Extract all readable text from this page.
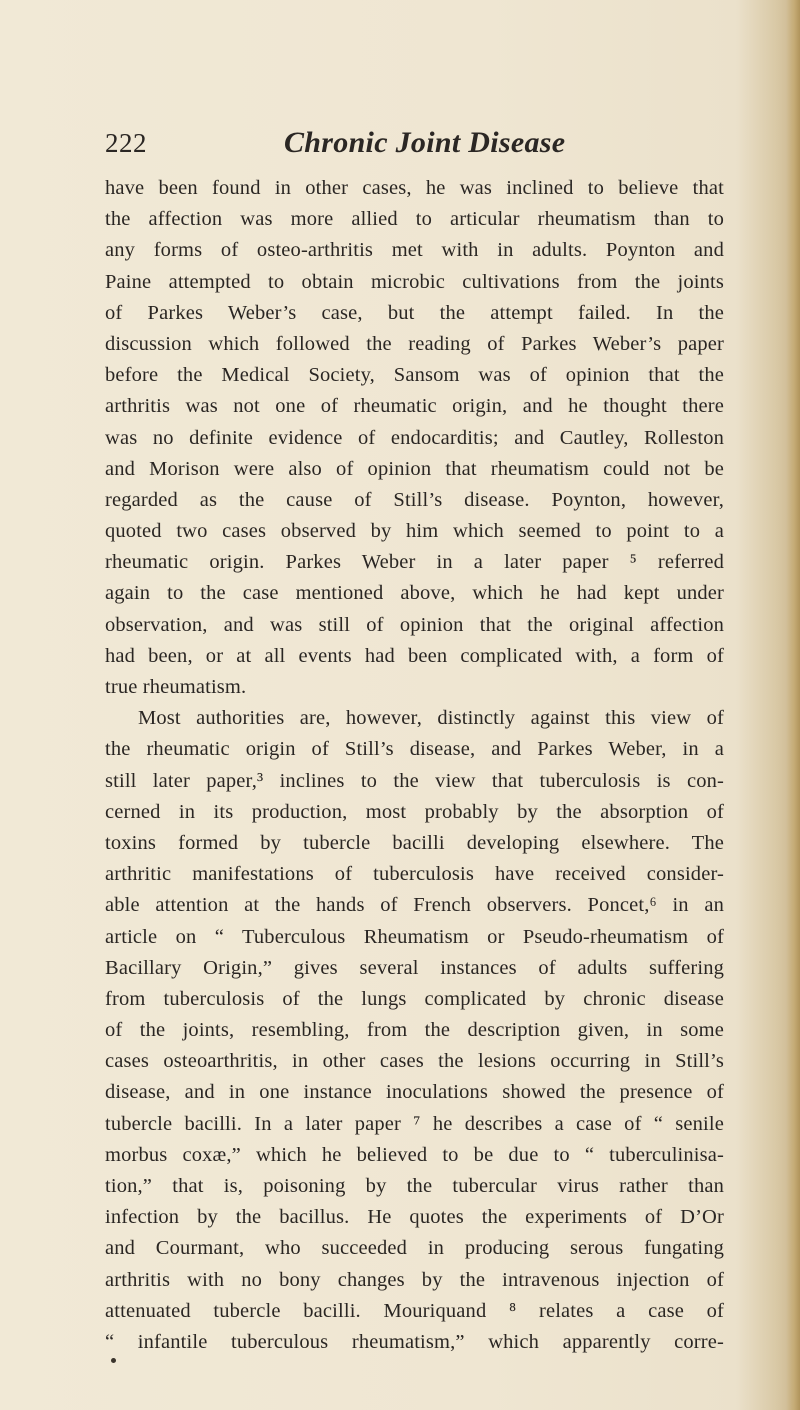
222	Chronic Joint Disease
have been found in other cases, he was inclined to believe that
the affection was more allied to articular rheumatism than to
any forms of osteo-arthritis met with in adults. Poynton and
Paine attempted to obtain microbic cultivations from the joints
of Parkes Weber’s case, but the attempt failed. In the
discussion which followed the reading of Parkes Weber’s paper
before the Medical Society, Sansom was of opinion that the
arthritis was not one of rheumatic origin, and he thought there
was no definite evidence of endocarditis; and Cautley, Rolleston
and Morison were also of opinion that rheumatism could not be
regarded as the cause of Still’s disease. Poynton, however,
quoted two cases observed by him which seemed to point to a
rheumatic origin. Parkes Weber in a later paper ⁵ referred
again to the case mentioned above, which he had kept under
observation, and was still of opinion that the original affection
had been, or at all events had been complicated with, a form of
true rheumatism.
Most authorities are, however, distinctly against this view of
the rheumatic origin of Still’s disease, and Parkes Weber, in a
still later paper,³ inclines to the view that tuberculosis is con-
cerned in its production, most probably by the absorption of
toxins formed by tubercle bacilli developing elsewhere. The
arthritic manifestations of tuberculosis have received consider-
able attention at the hands of French observers. Poncet,⁶ in an
article on “ Tuberculous Rheumatism or Pseudo-rheumatism of
Bacillary Origin,” gives several instances of adults suffering
from tuberculosis of the lungs complicated by chronic disease
of the joints, resembling, from the description given, in some
cases osteoarthritis, in other cases the lesions occurring in Still’s
disease, and in one instance inoculations showed the presence of
tubercle bacilli. In a later paper ⁷ he describes a case of “ senile
morbus coxæ,” which he believed to be due to “ tuberculinisa-
tion,” that is, poisoning by the tubercular virus rather than
infection by the bacillus. He quotes the experiments of D’Or
and Courmant, who succeeded in producing serous fungating
arthritis with no bony changes by the intravenous injection of
attenuated tubercle bacilli. Mouriquand ⁸ relates a case of
“ infantile tuberculous rheumatism,” which apparently corre-
